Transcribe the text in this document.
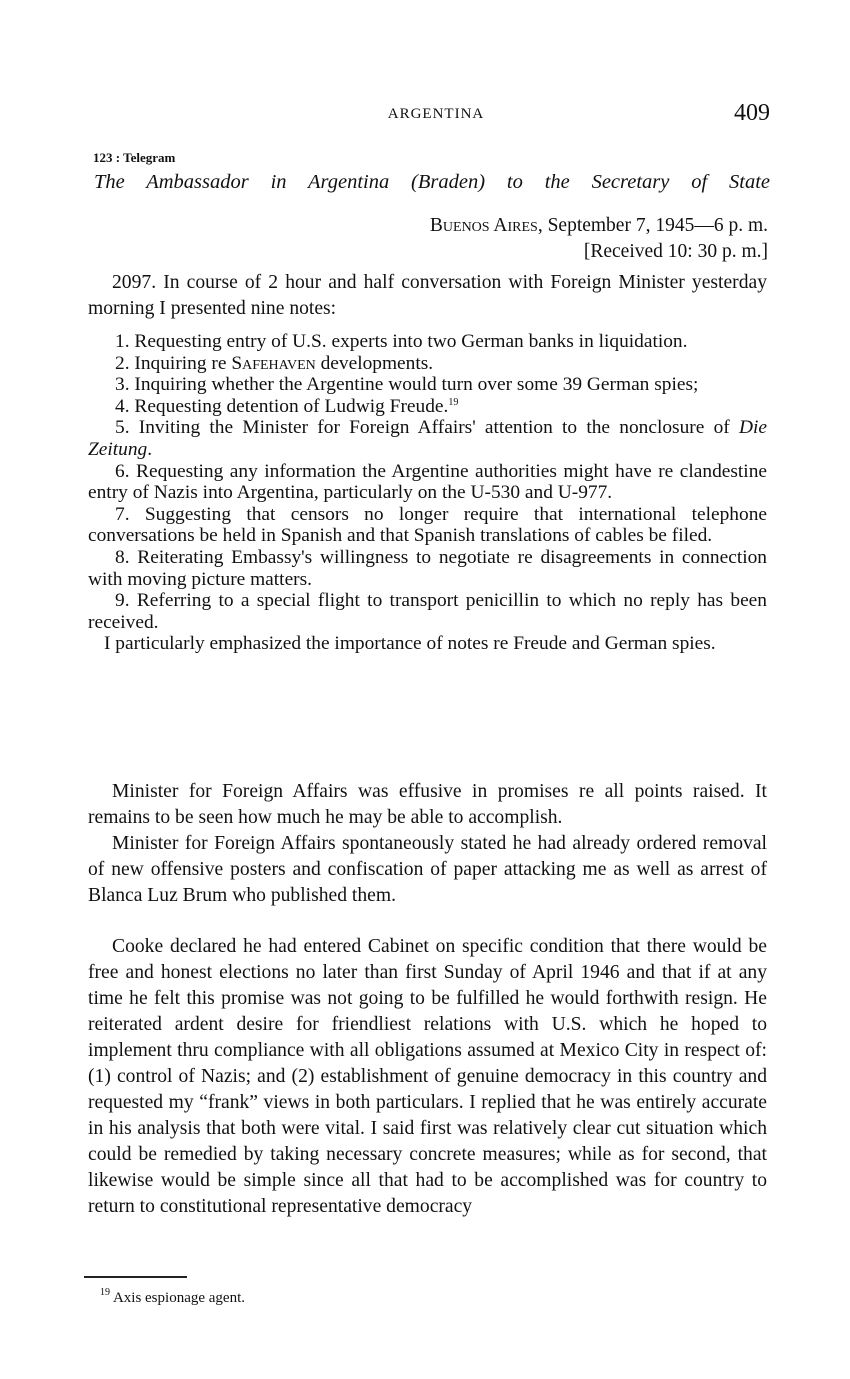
ARGENTINA	409
123 : Telegram
The Ambassador in Argentina (Braden) to the Secretary of State
Buenos Aires, September 7, 1945—6 p. m.
[Received 10: 30 p. m.]

2097. In course of 2 hour and half conversation with Foreign Minister yesterday morning I presented nine notes:

1. Requesting entry of U.S. experts into two German banks in liquidation.

2. Inquiring re Safehaven developments.

3. Inquiring whether the Argentine would turn over some 39 German spies;

4. Requesting detention of Ludwig Freude.$^{19}$

5. Inviting the Minister for Foreign Affairs' attention to the nonclosure of Die Zeitung.

6. Requesting any information the Argentine authorities might have re clandestine entry of Nazis into Argentina, particularly on the U-530 and U-977.

7. Suggesting that censors no longer require that international telephone conversations be held in Spanish and that Spanish translations of cables be filed.

8. Reiterating Embassy's willingness to negotiate re disagreements in connection with moving picture matters.

9. Referring to a special flight to transport penicillin to which no reply has been received.

I particularly emphasized the importance of notes re Freude and German spies.

Minister for Foreign Affairs was effusive in promises re all points raised. It remains to be seen how much he may be able to accomplish.

Minister for Foreign Affairs spontaneously stated he had already ordered removal of new offensive posters and confiscation of paper attacking me as well as arrest of Blanca Luz Brum who published them.

Cooke declared he had entered Cabinet on specific condition that there would be free and honest elections no later than first Sunday of April 1946 and that if at any time he felt this promise was not going to be fulfilled he would forthwith resign. He reiterated ardent desire for friendliest relations with U.S. which he hoped to implement thru compliance with all obligations assumed at Mexico City in respect of: (1) control of Nazis; and (2) establishment of genuine democracy in this country and requested my “frank” views in both particulars. I replied that he was entirely accurate in his analysis that both were vital. I said first was relatively clear cut situation which could be remedied by taking necessary concrete measures; while as for second, that likewise would be simple since all that had to be accomplished was for country to return to constitutional representative democracy

$^{19}$ Axis espionage agent.
